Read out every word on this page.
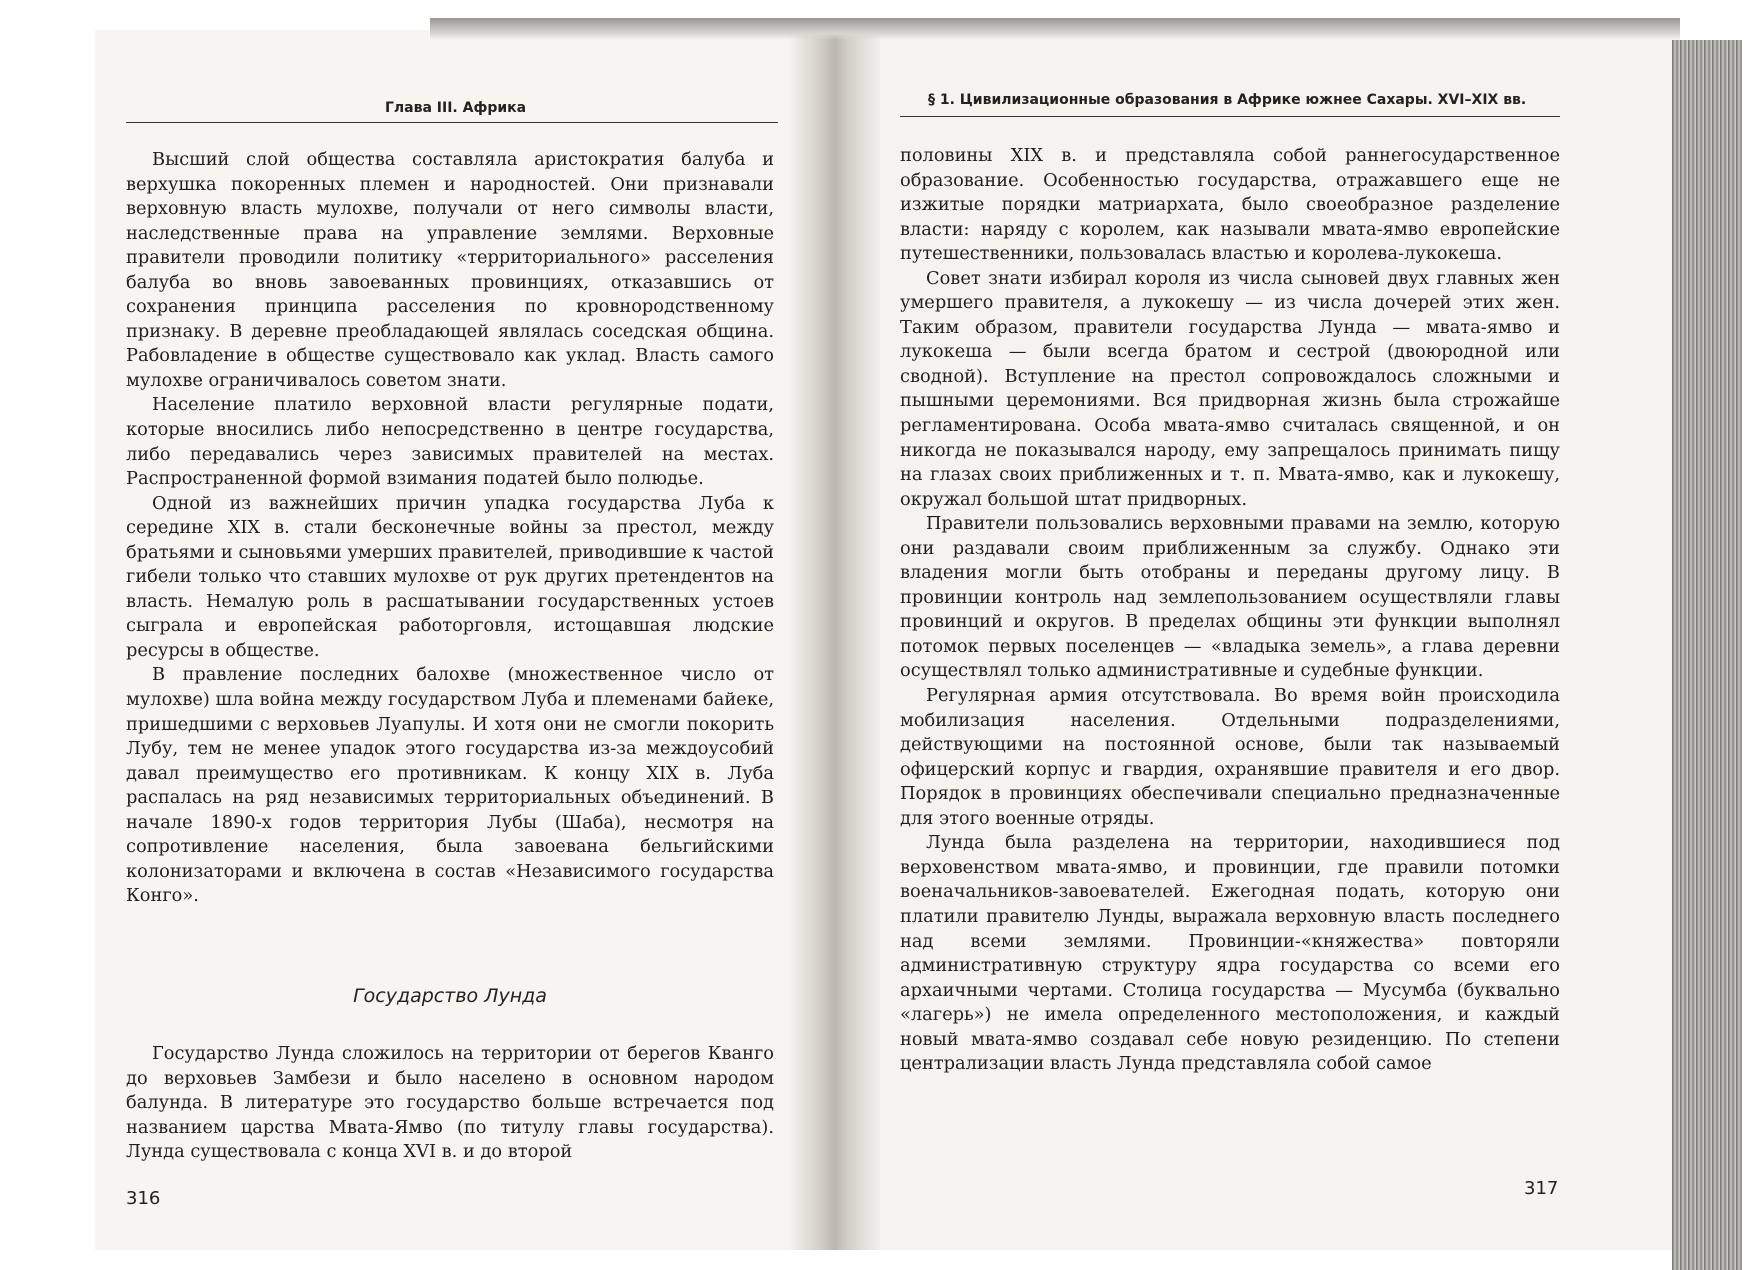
Глава III. Африка

Высший слой общества составляла аристократия балуба и верхушка покоренных племен и народностей. Они признавали верховную власть мулохве, получали от него символы власти, наследственные права на управление землями. Верховные правители проводили политику «территориального» расселения балуба во вновь завоеванных провинциях, отказавшись от сохранения принципа расселения по кровнородственному признаку. В деревне преобладающей являлась соседская община. Рабовладение в обществе существовало как уклад. Власть самого мулохве ограничивалось советом знати.

Население платило верховной власти регулярные подати, которые вносились либо непосредственно в центре государства, либо передавались через зависимых правителей на местах. Распространенной формой взимания податей было полюдье.

Одной из важнейших причин упадка государства Луба к середине XIX в. стали бесконечные войны за престол, между братьями и сыновьями умерших правителей, приводившие к частой гибели только что ставших мулохве от рук других претендентов на власть. Немалую роль в расшатывании государственных устоев сыграла и европейская работорговля, истощавшая людские ресурсы в обществе.

В правление последних балохве (множественное число от мулохве) шла война между государством Луба и племенами байеке, пришедшими с верховьев Луапулы. И хотя они не смогли покорить Лубу, тем не менее упадок этого государства из-за междоусобий давал преимущество его противникам. К концу XIX в. Луба распалась на ряд независимых территориальных объединений. В начале 1890-х годов территория Лубы (Шаба), несмотря на сопротивление населения, была завоевана бельгийскими колонизаторами и включена в состав «Независимого государства Конго».

Государство Лунда

Государство Лунда сложилось на территории от берегов Кванго до верховьев Замбези и было населено в основном народом балунда. В литературе это государство больше встречается под названием царства Мвата-Ямво (по титулу главы государства). Лунда существовала с конца XVI в. и до второй

316
§ 1. Цивилизационные образования в Африке южнее Сахары. XVI–XIX вв.

половины XIX в. и представляла собой раннегосударственное образование. Особенностью государства, отражавшего еще не изжитые порядки матриархата, было своеобразное разделение власти: наряду с королем, как называли мвата-ямво европейские путешественники, пользовалась властью и королева-лукокеша.

Совет знати избирал короля из числа сыновей двух главных жен умершего правителя, а лукокешу — из числа дочерей этих жен. Таким образом, правители государства Лунда — мвата-ямво и лукокеша — были всегда братом и сестрой (двоюродной или сводной). Вступление на престол сопровождалось сложными и пышными церемониями. Вся придворная жизнь была строжайше регламентирована. Особа мвата-ямво считалась священной, и он никогда не показывался народу, ему запрещалось принимать пищу на глазах своих приближенных и т. п. Мвата-ямво, как и лукокешу, окружал большой штат придворных.

Правители пользовались верховными правами на землю, которую они раздавали своим приближенным за службу. Однако эти владения могли быть отобраны и переданы другому лицу. В провинции контроль над землепользованием осуществляли главы провинций и округов. В пределах общины эти функции выполнял потомок первых поселенцев — «владыка земель», а глава деревни осуществлял только административные и судебные функции.

Регулярная армия отсутствовала. Во время войн происходила мобилизация населения. Отдельными подразделениями, действующими на постоянной основе, были так называемый офицерский корпус и гвардия, охранявшие правителя и его двор. Порядок в провинциях обеспечивали специально предназначенные для этого военные отряды.

Лунда была разделена на территории, находившиеся под верховенством мвата-ямво, и провинции, где правили потомки военачальников-завоевателей. Ежегодная подать, которую они платили правителю Лунды, выражала верховную власть последнего над всеми землями. Провинции-«княжества» повторяли административную структуру ядра государства со всеми его архаичными чертами. Столица государства — Мусумба (буквально «лагерь») не имела определенного местоположения, и каждый новый мвата-ямво создавал себе новую резиденцию. По степени централизации власть Лунда представляла собой самое

317
